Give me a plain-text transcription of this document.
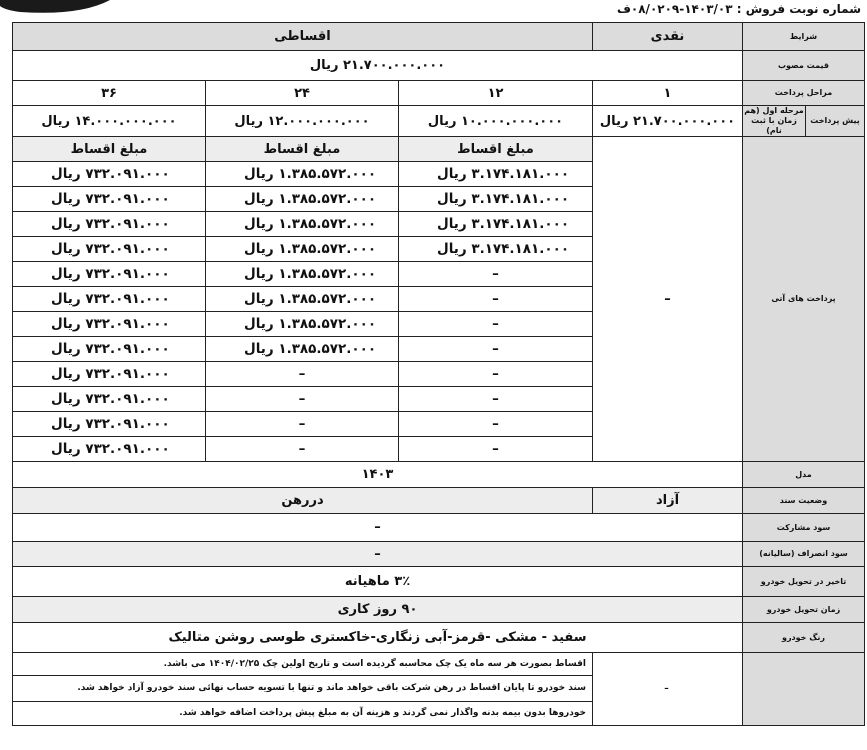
شماره نوبت فروش : ۱۴۰۳/۰۳-۰۸/۰۲۰۹ف
شرایط		نقدی	اقساطی		
قیمت مصوب		۲۱.۷۰۰.۰۰۰.۰۰۰ ریال			
مراحل پرداخت		۱	۱۲	۲۴	۳۶
پیش پرداخت	مرحله اول (هم زمان با ثبت نام)	۲۱.۷۰۰.۰۰۰.۰۰۰ ریال	۱۰.۰۰۰.۰۰۰.۰۰۰ ریال	۱۲.۰۰۰.۰۰۰.۰۰۰ ریال	۱۴.۰۰۰.۰۰۰.۰۰۰ ریال
پرداخت های آتی		–	مبلغ اقساط	مبلغ اقساط	مبلغ اقساط
			۳.۱۷۴.۱۸۱.۰۰۰ ریال	۱.۳۸۵.۵۷۲.۰۰۰ ریال	۷۳۲.۰۹۱.۰۰۰ ریال
			۳.۱۷۴.۱۸۱.۰۰۰ ریال	۱.۳۸۵.۵۷۲.۰۰۰ ریال	۷۳۲.۰۹۱.۰۰۰ ریال
			۳.۱۷۴.۱۸۱.۰۰۰ ریال	۱.۳۸۵.۵۷۲.۰۰۰ ریال	۷۳۲.۰۹۱.۰۰۰ ریال
			۳.۱۷۴.۱۸۱.۰۰۰ ریال	۱.۳۸۵.۵۷۲.۰۰۰ ریال	۷۳۲.۰۹۱.۰۰۰ ریال
			–	۱.۳۸۵.۵۷۲.۰۰۰ ریال	۷۳۲.۰۹۱.۰۰۰ ریال
			–	۱.۳۸۵.۵۷۲.۰۰۰ ریال	۷۳۲.۰۹۱.۰۰۰ ریال
			–	۱.۳۸۵.۵۷۲.۰۰۰ ریال	۷۳۲.۰۹۱.۰۰۰ ریال
			–	۱.۳۸۵.۵۷۲.۰۰۰ ریال	۷۳۲.۰۹۱.۰۰۰ ریال
			–	–	۷۳۲.۰۹۱.۰۰۰ ریال
			–	–	۷۳۲.۰۹۱.۰۰۰ ریال
			–	–	۷۳۲.۰۹۱.۰۰۰ ریال
			–	–	۷۳۲.۰۹۱.۰۰۰ ریال
مدل		۱۴۰۳			
وضعیت سند		آزاد	دررهن		
سود مشارکت		–			
سود انصراف (سالیانه)		–			
تاخیر در تحویل خودرو		۳٪ ماهیانه			
زمان تحویل خودرو		۹۰ روز کاری			
رنگ خودرو		سفید - مشکی -قرمز-آبی زنگاری-خاکستری طوسی روشن متالیک			
		–	اقساط بصورت هر سه ماه یک چک محاسبه گردیده است و تاریخ اولین چک ۱۴۰۴/۰۲/۲۵ می باشد.		
			سند خودرو تا پایان اقساط در رهن شرکت باقی خواهد ماند و تنها با تسویه حساب نهائی سند خودرو آزاد خواهد شد.		
			خودروها بدون بیمه بدنه واگذار نمی گردند و هزینه آن به مبلغ پیش پرداخت اضافه خواهد شد.		
